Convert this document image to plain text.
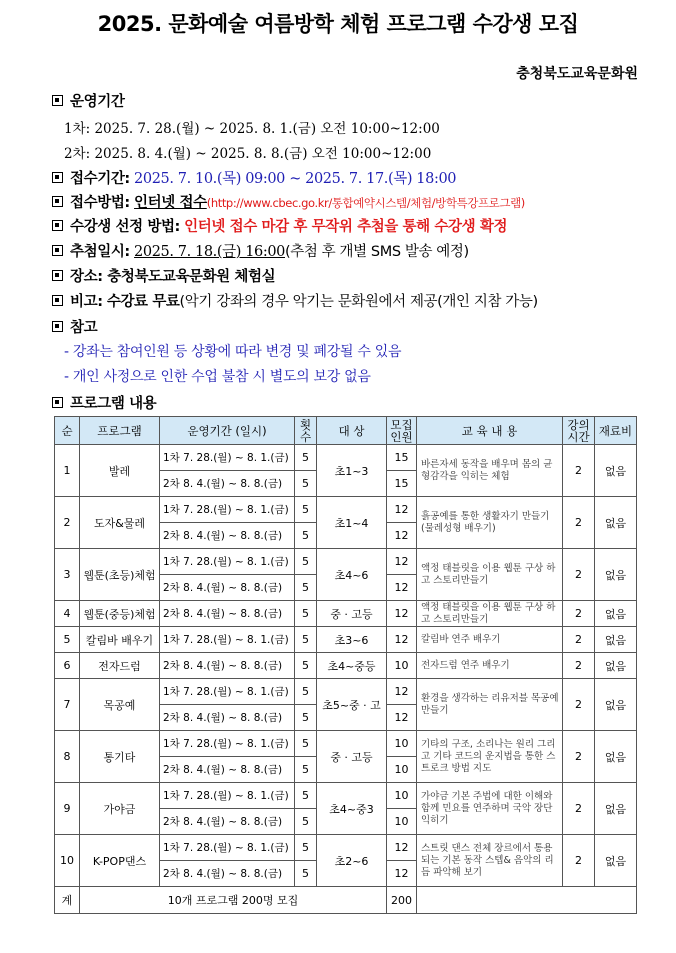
2025. 문화예술 여름방학 체험 프로그램 수강생 모집
충청북도교육문화원
운영기간
1차: 2025. 7. 28.(월) ~ 2025. 8. 1.(금) 오전 10:00~12:00
2차: 2025. 8. 4.(월) ~ 2025. 8. 8.(금) 오전 10:00~12:00
접수기간: 2025. 7. 10.(목) 09:00 ~ 2025. 7. 17.(목) 18:00
접수방법: 인터넷 접수(http://www.cbec.go.kr/통합예약시스템/체험/방학특강프로그램)
수강생 선정 방법: 인터넷 접수 마감 후 무작위 추첨을 통해 수강생 확정
추첨일시: 2025. 7. 18.(금) 16:00(추첨 후 개별 SMS 발송 예정)
장소: 충청북도교육문화원 체험실
비고: 수강료 무료(악기 강좌의 경우 악기는 문화원에서 제공(개인 지참 가능)
참고
- 강좌는 참여인원 등 상황에 따라 변경 및 폐강될 수 있음
- 개인 사정으로 인한 수업 불참 시 별도의 보강 없음
프로그램 내용
순	프로그램	운영기간 (일시)	횟수	대 상	모집인원	교 육 내 용	강의시간	재료비
1	발레	1차 7. 28.(월) ~ 8. 1.(금)	5	초1~3	15	바른자세 동작을 배우며 몸의 균형감각을 익히는 체험	2	없음
		2차 8. 4.(월) ~ 8. 8.(금)	5		15			
2	도자&물레	1차 7. 28.(월) ~ 8. 1.(금)	5	초1~4	12	흙공예를 통한 생활자기 만들기(물레성형 배우기)	2	없음
		2차 8. 4.(월) ~ 8. 8.(금)	5		12			
3	웹툰(초등)체험	1차 7. 28.(월) ~ 8. 1.(금)	5	초4~6	12	액정 태블릿을 이용 웹툰 구상 하고 스토리만들기	2	없음
		2차 8. 4.(월) ~ 8. 8.(금)	5		12			
4	웹툰(중등)체험	2차 8. 4.(월) ~ 8. 8.(금)	5	중 · 고등	12	액정 태블릿을 이용 웹툰 구상 하고 스토리만들기	2	없음
5	칼림바 배우기	1차 7. 28.(월) ~ 8. 1.(금)	5	초3~6	12	칼림바 연주 배우기	2	없음
6	전자드럼	2차 8. 4.(월) ~ 8. 8.(금)	5	초4~중등	10	전자드럼 연주 배우기	2	없음
7	목공예	1차 7. 28.(월) ~ 8. 1.(금)	5	초5~중 · 고	12	환경을 생각하는 리유저블 목공예 만들기	2	없음
		2차 8. 4.(월) ~ 8. 8.(금)	5		12			
8	통기타	1차 7. 28.(월) ~ 8. 1.(금)	5	중 · 고등	10	기타의 구조, 소리나는 원리 그리고 기타 코드의 운지법을 통한 스트로크 방법 지도	2	없음
		2차 8. 4.(월) ~ 8. 8.(금)	5		10			
9	가야금	1차 7. 28.(월) ~ 8. 1.(금)	5	초4~중3	10	가야금 기본 주법에 대한 이해와 함께 민요를 연주하며 국악 장단 익히기	2	없음
		2차 8. 4.(월) ~ 8. 8.(금)	5		10			
10	K-POP댄스	1차 7. 28.(월) ~ 8. 1.(금)	5	초2~6	12	스트릿 댄스 전체 장르에서 통용되는 기본 동작 스텝& 음악의 리듬 파악해 보기	2	없음
		2차 8. 4.(월) ~ 8. 8.(금)	5		12			
계	10개 프로그램 200명 모집				200			
